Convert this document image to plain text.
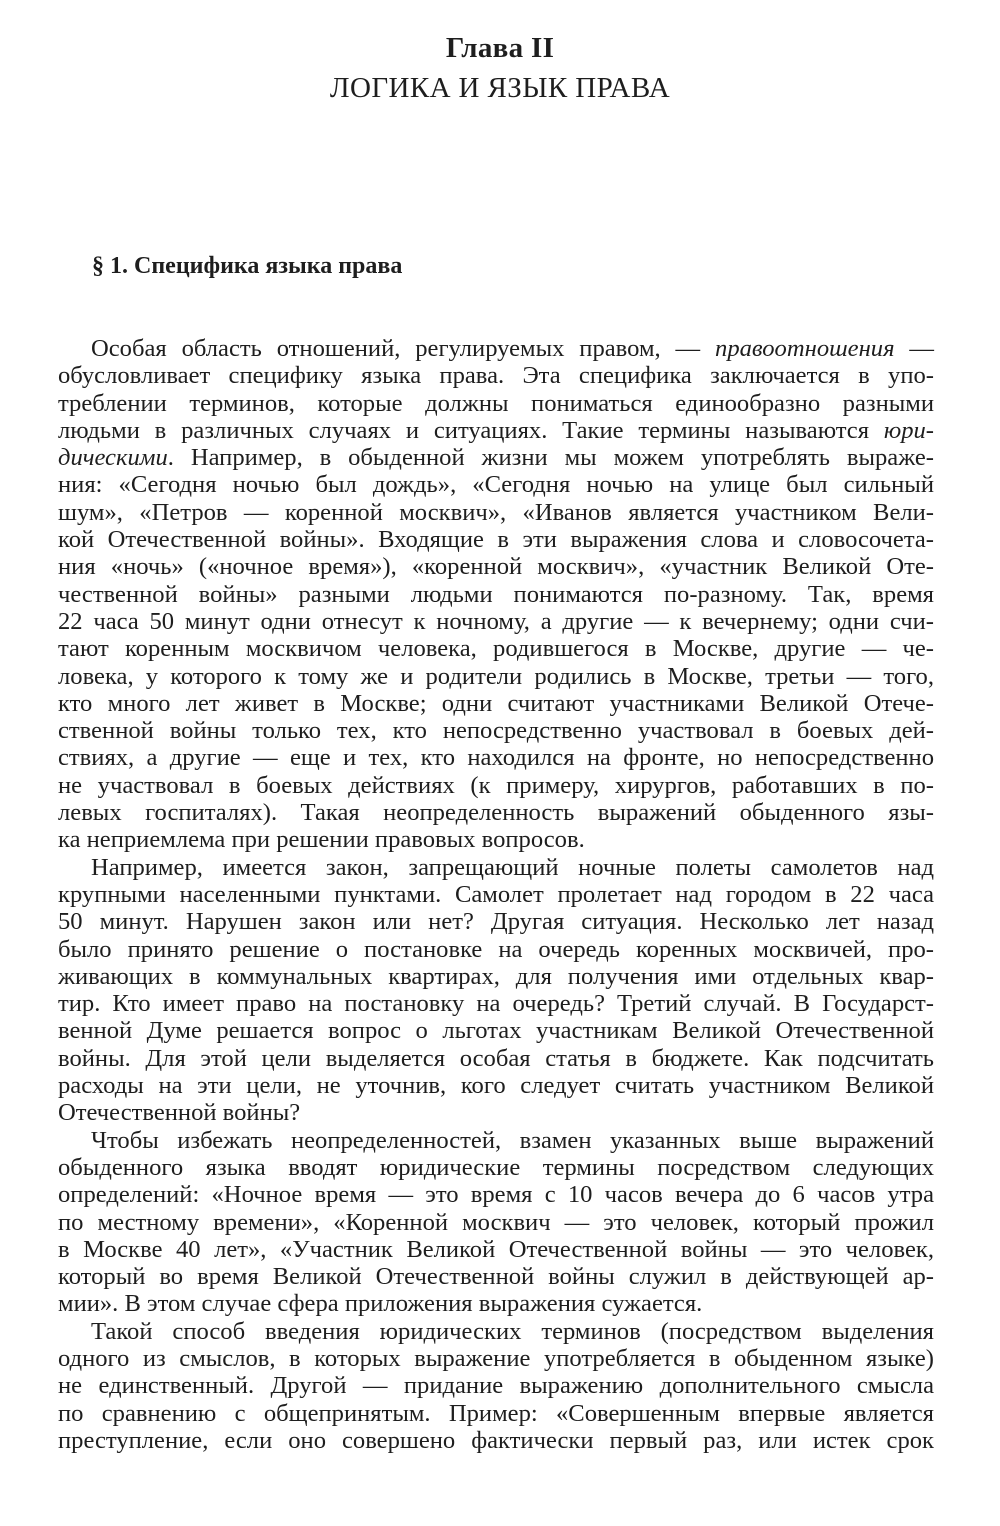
Глава II
ЛОГИКА И ЯЗЫК ПРАВА
§ 1. Специфика языка права
Особая область отношений, регулируемых правом, — правоотношения —
обусловливает специфику языка права. Эта специфика заключается в упо-
треблении терминов, которые должны пониматься единообразно разными
людьми в различных случаях и ситуациях. Такие термины называются юри-
дическими. Например, в обыденной жизни мы можем употреблять выраже-
ния: «Сегодня ночью был дождь», «Сегодня ночью на улице был сильный
шум», «Петров — коренной москвич», «Иванов является участником Вели-
кой Отечественной войны». Входящие в эти выражения слова и словосочета-
ния «ночь» («ночное время»), «коренной москвич», «участник Великой Оте-
чественной войны» разными людьми понимаются по-разному. Так, время
22 часа 50 минут одни отнесут к ночному, а другие — к вечернему; одни счи-
тают коренным москвичом человека, родившегося в Москве, другие — че-
ловека, у которого к тому же и родители родились в Москве, третьи — того,
кто много лет живет в Москве; одни считают участниками Великой Отече-
ственной войны только тех, кто непосредственно участвовал в боевых дей-
ствиях, а другие — еще и тех, кто находился на фронте, но непосредственно
не участвовал в боевых действиях (к примеру, хирургов, работавших в по-
левых госпиталях). Такая неопределенность выражений обыденного язы-
ка неприемлема при решении правовых вопросов.
Например, имеется закон, запрещающий ночные полеты самолетов над
крупными населенными пунктами. Самолет пролетает над городом в 22 часа
50 минут. Нарушен закон или нет? Другая ситуация. Несколько лет назад
было принято решение о постановке на очередь коренных москвичей, про-
живающих в коммунальных квартирах, для получения ими отдельных квар-
тир. Кто имеет право на постановку на очередь? Третий случай. В Государст-
венной Думе решается вопрос о льготах участникам Великой Отечественной
войны. Для этой цели выделяется особая статья в бюджете. Как подсчитать
расходы на эти цели, не уточнив, кого следует считать участником Великой
Отечественной войны?
Чтобы избежать неопределенностей, взамен указанных выше выражений
обыденного языка вводят юридические термины посредством следующих
определений: «Ночное время — это время с 10 часов вечера до 6 часов утра
по местному времени», «Коренной москвич — это человек, который прожил
в Москве 40 лет», «Участник Великой Отечественной войны — это человек,
который во время Великой Отечественной войны служил в действующей ар-
мии». В этом случае сфера приложения выражения сужается.
Такой способ введения юридических терминов (посредством выделения
одного из смыслов, в которых выражение употребляется в обыденном языке)
не единственный. Другой — придание выражению дополнительного смысла
по сравнению с общепринятым. Пример: «Совершенным впервые является
преступление, если оно совершено фактически первый раз, или истек срок
